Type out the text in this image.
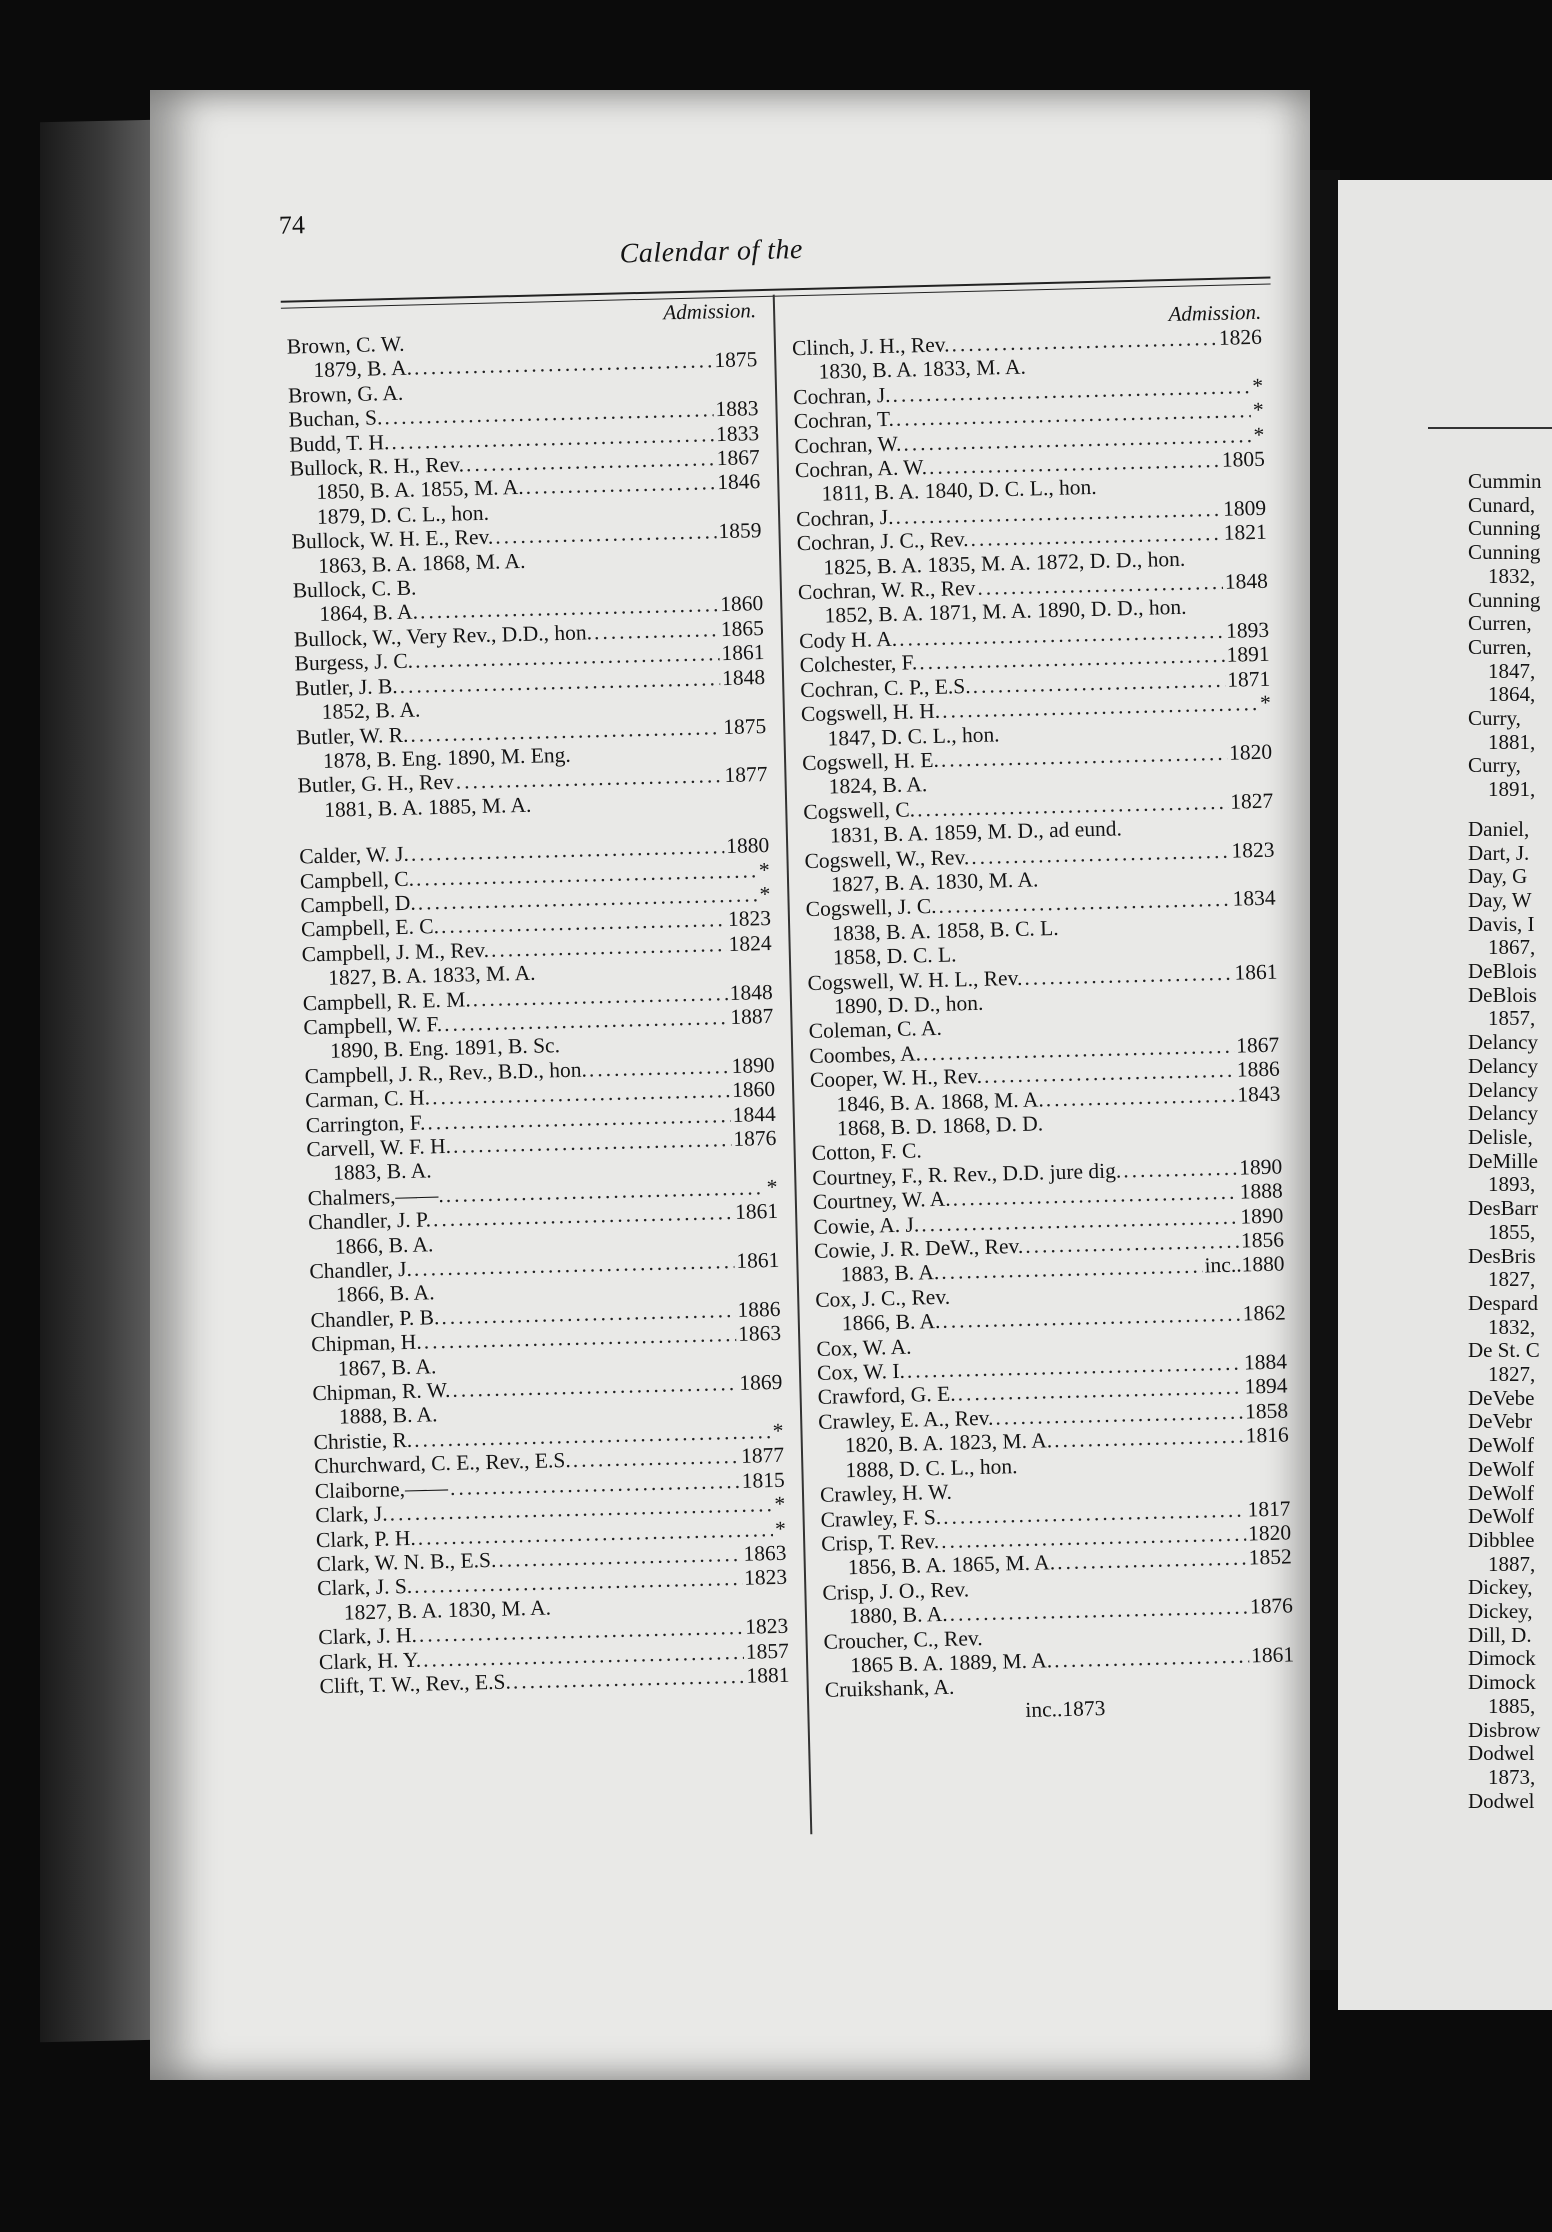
74

Calendar of the

Admission.
Brown, C. W.
1879, B. A. .....	1875
Brown, G. A.
Buchan, S. .....	1883
Budd, T. H. .....	1833
Bullock, R. H., Rev. .....	1867
1850, B. A. 1855, M. A. .....	1846
1879, D. C. L., hon.
Bullock, W. H. E., Rev. .....	1859
1863, B. A. 1868, M. A.
Bullock, C. B.
1864, B. A. .....	1860
Bullock, W., Very Rev., D.D., hon. .....	1865
Burgess, J. C. .....	1861
Butler, J. B. .....	1848
1852, B. A.
Butler, W. R. .....	1875
1878, B. Eng. 1890, M. Eng.
Butler, G. H., Rev .....	1877
1881, B. A. 1885, M. A.
Calder, W. J. .....	1880
Campbell, C. .....	*
Campbell, D. .....	*
Campbell, E. C. .....	1823
Campbell, J. M., Rev. .....	1824
1827, B. A. 1833, M. A.
Campbell, R. E. M. .....	1848
Campbell, W. F. .....	1887
1890, B. Eng. 1891, B. Sc.
Campbell, J. R., Rev., B.D., hon. .....	1890
Carman, C. H. .....	1860
Carrington, F. .....	1844
Carvell, W. F. H. .....	1876
1883, B. A.
Chalmers,——. .....	*
Chandler, J. P. .....	1861
1866, B. A.
Chandler, J. .....	1861
1866, B. A.
Chandler, P. B. .....	1886
Chipman, H. .....	1863
1867, B. A.
Chipman, R. W. .....	1869
1888, B. A.
Christie, R. .....	*
Churchward, C. E., Rev., E.S. .....	1877
Claiborne,—— .....	1815
Clark, J. .....	*
Clark, P. H. .....	*
Clark, W. N. B., E.S. .....	1863
Clark, J. S. .....	1823
1827, B. A. 1830, M. A.
Clark, J. H. .....	1823
Clark, H. Y. .....	1857
Clift, T. W., Rev., E.S. .....	1881
Admission.
Clinch, J. H., Rev. .....	1826
1830, B. A. 1833, M. A.
Cochran, J. .....	*
Cochran, T. .....	*
Cochran, W. .....	*
Cochran, A. W. .....	1805
1811, B. A. 1840, D. C. L., hon.
Cochran, J. .....	1809
Cochran, J. C., Rev. .....	1821
1825, B. A. 1835, M. A. 1872, D. D., hon.
Cochran, W. R., Rev .....	1848
1852, B. A. 1871, M. A. 1890, D. D., hon.
Cody H. A. .....	1893
Colchester, F. .....	1891
Cochran, C. P., E.S. .....	1871
Cogswell, H. H. .....	*
1847, D. C. L., hon.
Cogswell, H. E. .....	1820
1824, B. A.
Cogswell, C. .....	1827
1831, B. A. 1859, M. D., ad eund.
Cogswell, W., Rev. .....	1823
1827, B. A. 1830, M. A.
Cogswell, J. C. .....	1834
1838, B. A. 1858, B. C. L.
1858, D. C. L.
Cogswell, W. H. L., Rev. .....	1861
1890, D. D., hon.
Coleman, C. A.
Coombes, A. .....	1867
Cooper, W. H., Rev. .....	1886
1846, B. A. 1868, M. A. .....	1843
1868, B. D. 1868, D. D.
Cotton, F. C.
Courtney, F., R. Rev., D.D. jure dig. .....	1890
Courtney, W. A. .....	1888
Cowie, A. J. .....	1890
Cowie, J. R. DeW., Rev. .....	1856
1883, B. A. .....	inc..1880
Cox, J. C., Rev.
1866, B. A. .....	1862
Cox, W. A.
Cox, W. I. .....	1884
Crawford, G. E. .....	1894
Crawley, E. A., Rev. .....	1858
1820, B. A. 1823, M. A. .....	1816
1888, D. C. L., hon.
Crawley, H. W.
Crawley, F. S. .....	1817
Crisp, T. Rev. .....	1820
1856, B. A. 1865, M. A. .....	1852
Crisp, J. O., Rev.
1880, B. A. .....	1876
Croucher, C., Rev.
1865 B. A. 1889, M. A. .....	1861
Cruikshank, A.
inc..1873
Cummin
Cunard,
Cunning
Cunning
1832,
Cunning
Curren,
Curren,
1847,
1864,
Curry,
1881,
Curry,
1891,
Daniel,
Dart, J.
Day, G
Day, W
Davis, I
1867,
DeBlois
DeBlois
1857,
Delancy
Delancy
Delancy
Delancy
Delisle,
DeMille
1893,
DesBarr
1855,
DesBris
1827,
Despard
1832,
De St. C
1827,
DeVebe
DeVebr
DeWolf
DeWolf
DeWolf
DeWolf
Dibblee
1887,
Dickey,
Dickey,
Dill, D.
Dimock
Dimock
1885,
Disbrow
Dodwel
1873,
Dodwel
